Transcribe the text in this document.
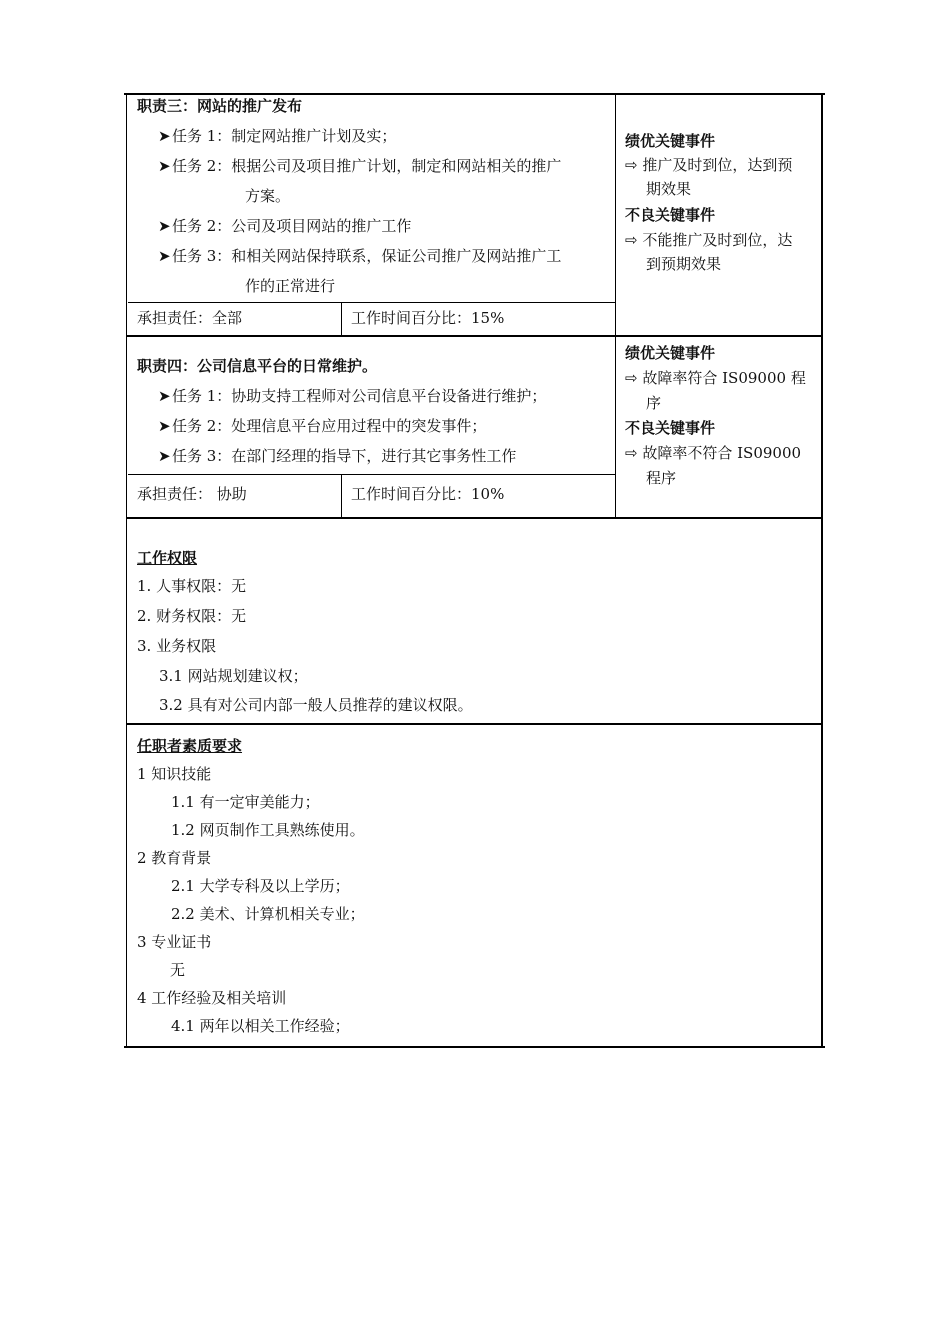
职责三：网站的推广发布
➤任务 1：制定网站推广计划及实；
➤任务 2：根据公司及项目推广计划，制定和网站相关的推广
方案。
➤任务 2：公司及项目网站的推广工作
➤任务 3：和相关网站保持联系，保证公司推广及网站推广工
作的正常进行
承担责任：全部	工作时间百分比：15%
绩优关键事件
⇨ 推广及时到位，达到预
期效果
不良关键事件
⇨ 不能推广及时到位，达
到预期效果
职责四：公司信息平台的日常维护。
➤任务 1：协助支持工程师对公司信息平台设备进行维护；
➤任务 2：处理信息平台应用过程中的突发事件；
➤任务 3：在部门经理的指导下，进行其它事务性工作
承担责任： 协助	工作时间百分比：10%
绩优关键事件
⇨ 故障率符合 IS09000 程
序
不良关键事件
⇨ 故障率不符合 IS09000
程序
工作权限
1. 人事权限：无
2. 财务权限：无
3. 业务权限
3.1 网站规划建议权；
3.2 具有对公司内部一般人员推荐的建议权限。
任职者素质要求
1 知识技能
1.1 有一定审美能力；
1.2 网页制作工具熟练使用。
2 教育背景
2.1 大学专科及以上学历；
2.2 美术、计算机相关专业；
3 专业证书
无
4 工作经验及相关培训
4.1 两年以相关工作经验；
